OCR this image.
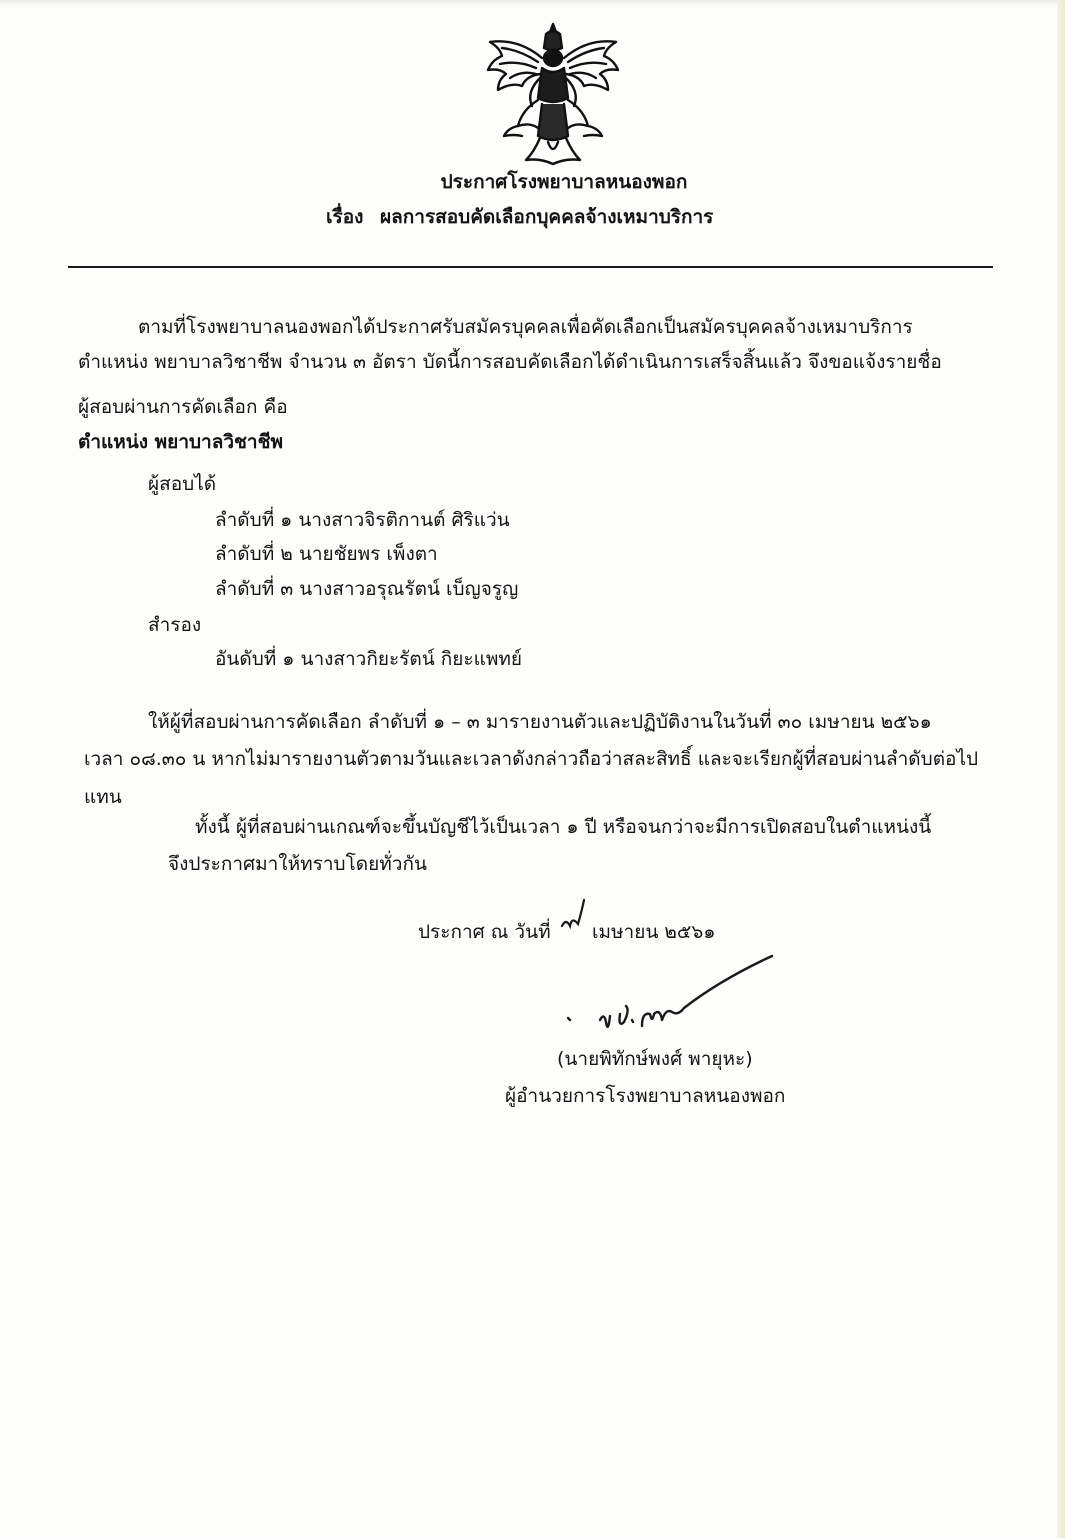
ประกาศโรงพยาบาลหนองพอก
เรื่อง ผลการสอบคัดเลือกบุคคลจ้างเหมาบริการ
ตามที่โรงพยาบาลนองพอกได้ประกาศรับสมัครบุคคลเพื่อคัดเลือกเป็นสมัครบุคคลจ้างเหมาบริการ
ตำแหน่ง พยาบาลวิชาชีพ จำนวน ๓ อัตรา บัดนี้การสอบคัดเลือกได้ดำเนินการเสร็จสิ้นแล้ว จึงขอแจ้งรายชื่อ
ผู้สอบผ่านการคัดเลือก คือ
ตำแหน่ง พยาบาลวิชาชีพ
ผู้สอบได้
ลำดับที่ ๑ นางสาวจิรติกานต์ ศิริแว่น
ลำดับที่ ๒ นายชัยพร เพ็งตา
ลำดับที่ ๓ นางสาวอรุณรัตน์ เบ็ญจรูญ
สำรอง
อันดับที่ ๑ นางสาวกิยะรัตน์ กิยะแพทย์
ให้ผู้ที่สอบผ่านการคัดเลือก ลำดับที่ ๑ – ๓ มารายงานตัวและปฏิบัติงานในวันที่ ๓๐ เมษายน ๒๕๖๑
เวลา ๐๘.๓๐ น หากไม่มารายงานตัวตามวันและเวลาดังกล่าวถือว่าสละสิทธิ์ และจะเรียกผู้ที่สอบผ่านลำดับต่อไป
แทน
ทั้งนี้ ผู้ที่สอบผ่านเกณฑ์จะขึ้นบัญชีไว้เป็นเวลา ๑ ปี หรือจนกว่าจะมีการเปิดสอบในตำแหน่งนี้
จึงประกาศมาให้ทราบโดยทั่วกัน
ประกาศ ณ วันที่ เมษายน ๒๕๖๑
(นายพิทักษ์พงศ์ พายุหะ)
ผู้อำนวยการโรงพยาบาลหนองพอก
